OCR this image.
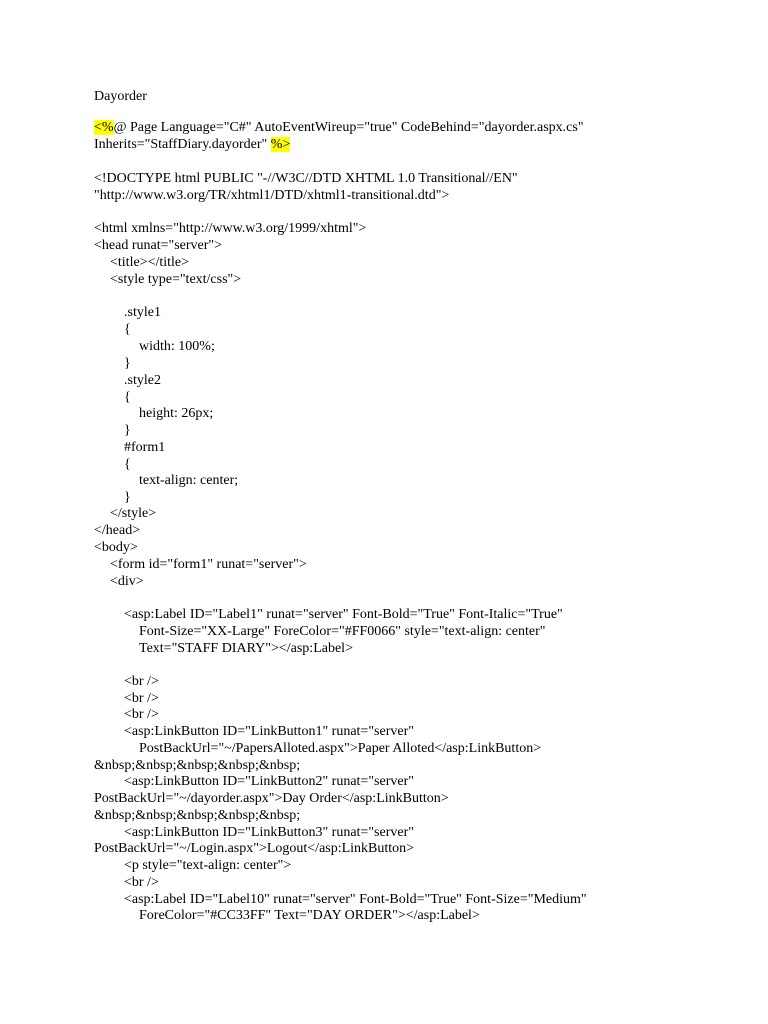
Dayorder
<%@ Page Language="C#" AutoEventWireup="true" CodeBehind="dayorder.aspx.cs"
Inherits="StaffDiary.dayorder" %>
<!DOCTYPE html PUBLIC "-//W3C//DTD XHTML 1.0 Transitional//EN"
"http://www.w3.org/TR/xhtml1/DTD/xhtml1-transitional.dtd">
<html xmlns="http://www.w3.org/1999/xhtml">
<head runat="server">
<title></title>
<style type="text/css">
.style1
{
width: 100%;
}
.style2
{
height: 26px;
}
#form1
{
text-align: center;
}
</style>
</head>
<body>
<form id="form1" runat="server">
<div>
<asp:Label ID="Label1" runat="server" Font-Bold="True" Font-Italic="True"
Font-Size="XX-Large" ForeColor="#FF0066" style="text-align: center"
Text="STAFF DIARY"></asp:Label>
<br />
<br />
<br />
<asp:LinkButton ID="LinkButton1" runat="server"
PostBackUrl="~/PapersAlloted.aspx">Paper Alloted</asp:LinkButton>
&nbsp;&nbsp;&nbsp;&nbsp;&nbsp;
<asp:LinkButton ID="LinkButton2" runat="server"
PostBackUrl="~/dayorder.aspx">Day Order</asp:LinkButton>
&nbsp;&nbsp;&nbsp;&nbsp;&nbsp;
<asp:LinkButton ID="LinkButton3" runat="server"
PostBackUrl="~/Login.aspx">Logout</asp:LinkButton>
<p style="text-align: center">
<br />
<asp:Label ID="Label10" runat="server" Font-Bold="True" Font-Size="Medium"
ForeColor="#CC33FF" Text="DAY ORDER"></asp:Label>
